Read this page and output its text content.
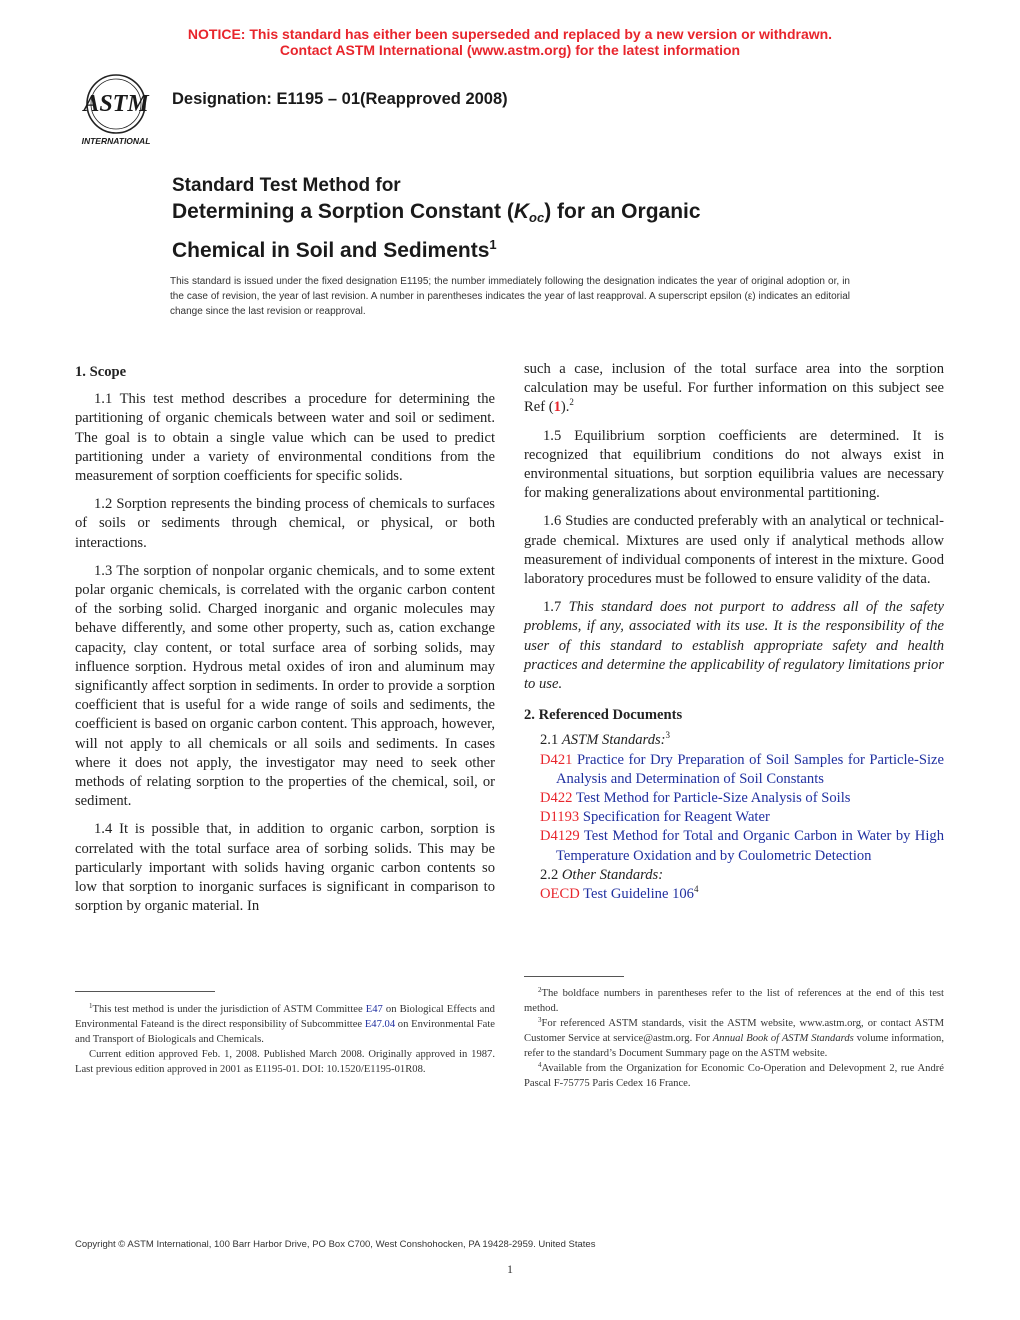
NOTICE: This standard has either been superseded and replaced by a new version or withdrawn.
Contact ASTM International (www.astm.org) for the latest information
ASTM
INTERNATIONAL
Designation: E1195 – 01(Reapproved 2008)
Standard Test Method for
Determining a Sorption Constant $(K_{oc})$ for an Organic
Chemical in Soil and Sediments$^1$
This standard is issued under the fixed designation E1195; the number immediately following the designation indicates the year of original adoption or, in the case of revision, the year of last revision. A number in parentheses indicates the year of last reapproval. A superscript epsilon (ε) indicates an editorial change since the last revision or reapproval.
1. Scope

1.1 This test method describes a procedure for determining the partitioning of organic chemicals between water and soil or sediment. The goal is to obtain a single value which can be used to predict partitioning under a variety of environmental conditions from the measurement of sorption coefficients for specific solids.

1.2 Sorption represents the binding process of chemicals to surfaces of soils or sediments through chemical, or physical, or both interactions.

1.3 The sorption of nonpolar organic chemicals, and to some extent polar organic chemicals, is correlated with the organic carbon content of the sorbing solid. Charged inorganic and organic molecules may behave differently, and some other property, such as, cation exchange capacity, clay content, or total surface area of sorbing solids, may influence sorption. Hydrous metal oxides of iron and aluminum may significantly affect sorption in sediments. In order to provide a sorption coefficient that is useful for a wide range of soils and sediments, the coefficient is based on organic carbon content. This approach, however, will not apply to all chemicals or all soils and sediments. In cases where it does not apply, the investigator may need to seek other methods of relating sorption to the properties of the chemical, soil, or sediment.

1.4 It is possible that, in addition to organic carbon, sorption is correlated with the total surface area of sorbing solids. This may be particularly important with solids having organic carbon contents so low that sorption to inorganic surfaces is significant in comparison to sorption by organic material. In

such a case, inclusion of the total surface area into the sorption calculation may be useful. For further information on this subject see Ref (1).$^2$

1.5 Equilibrium sorption coefficients are determined. It is recognized that equilibrium conditions do not always exist in environmental situations, but sorption equilibria values are necessary for making generalizations about environmental partitioning.

1.6 Studies are conducted preferably with an analytical or technical-grade chemical. Mixtures are used only if analytical methods allow measurement of individual components of interest in the mixture. Good laboratory procedures must be followed to ensure validity of the data.

1.7 This standard does not purport to address all of the safety problems, if any, associated with its use. It is the responsibility of the user of this standard to establish appropriate safety and health practices and determine the applicability of regulatory limitations prior to use.

2. Referenced Documents

2.1 ASTM Standards:$^3$

D421 Practice for Dry Preparation of Soil Samples for Particle-Size Analysis and Determination of Soil Constants
D422 Test Method for Particle-Size Analysis of Soils
D1193 Specification for Reagent Water
D4129 Test Method for Total and Organic Carbon in Water by High Temperature Oxidation and by Coulometric Detection

2.2 Other Standards:

OECD Test Guideline 106$^4$

$^1$This test method is under the jurisdiction of ASTM Committee E47 on Biological Effects and Environmental Fateand is the direct responsibility of Subcommittee E47.04 on Environmental Fate and Transport of Biologicals and Chemicals.

Current edition approved Feb. 1, 2008. Published March 2008. Originally approved in 1987. Last previous edition approved in 2001 as E1195-01. DOI: 10.1520/E1195-01R08.

$^2$The boldface numbers in parentheses refer to the list of references at the end of this test method.

$^3$For referenced ASTM standards, visit the ASTM website, www.astm.org, or contact ASTM Customer Service at service@astm.org. For Annual Book of ASTM Standards volume information, refer to the standard’s Document Summary page on the ASTM website.

$^4$Available from the Organization for Economic Co-Operation and Delevopment 2, rue André Pascal F-75775 Paris Cedex 16 France.

Copyright © ASTM International, 100 Barr Harbor Drive, PO Box C700, West Conshohocken, PA 19428-2959. United States
1
